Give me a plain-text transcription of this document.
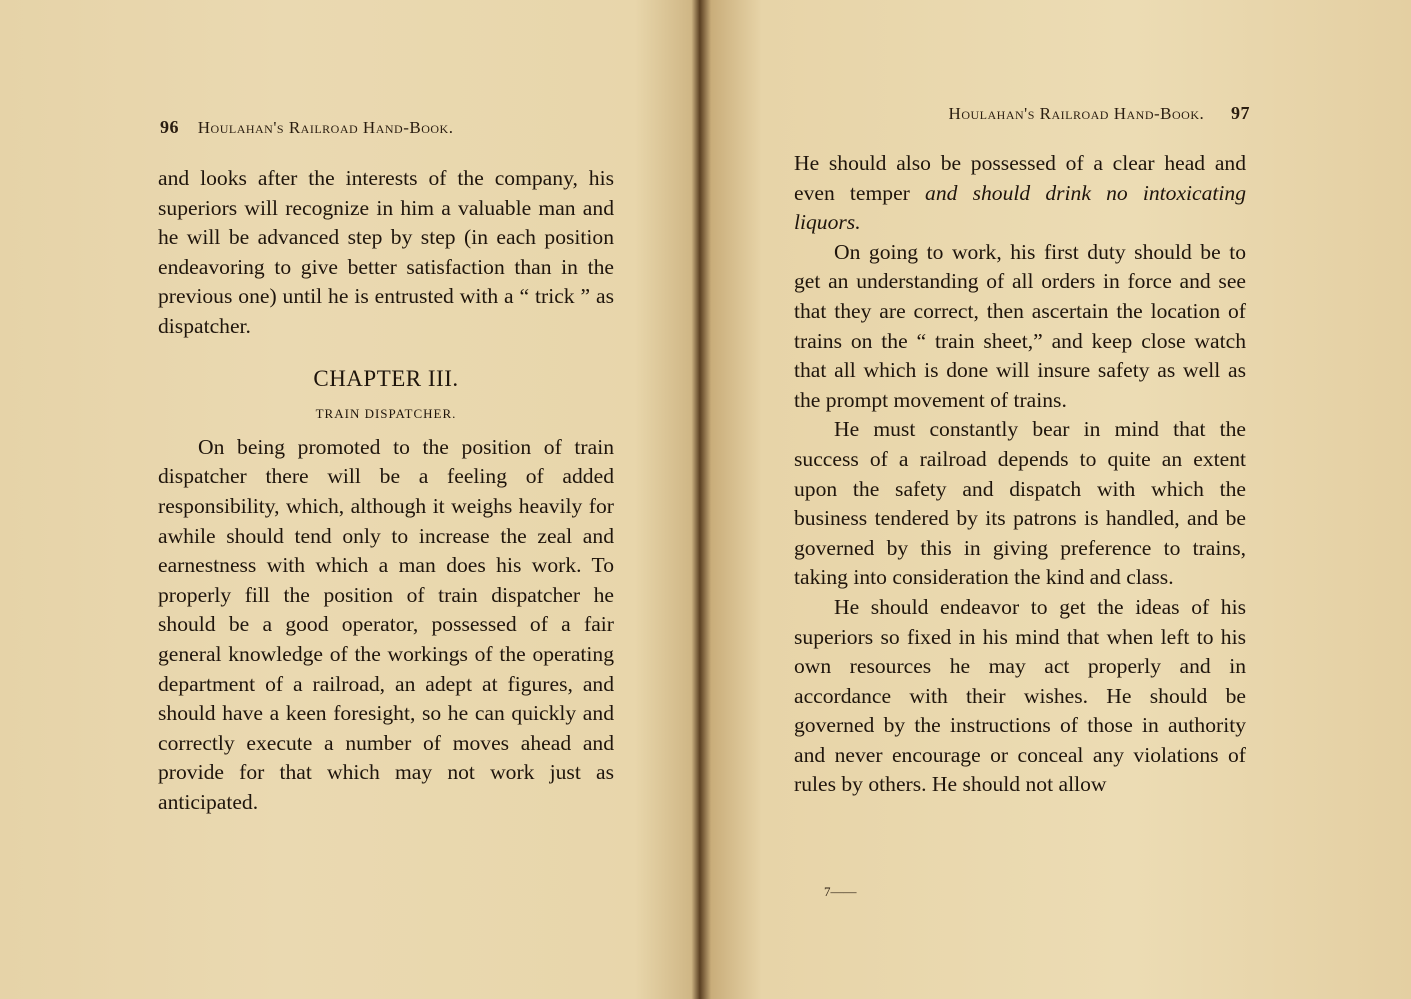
96 Houlahan's Railroad Hand-Book.

and looks after the interests of the company, his superiors will recognize in him a valuable man and he will be advanced step by step (in each position endeavoring to give better satisfaction than in the previous one) until he is entrusted with a “ trick ” as dispatcher.

CHAPTER III.
TRAIN DISPATCHER.

On being promoted to the position of train dispatcher there will be a feeling of added responsibility, which, although it weighs heavily for awhile should tend only to increase the zeal and earnestness with which a man does his work. To properly fill the position of train dispatcher he should be a good operator, possessed of a fair general knowledge of the workings of the operating department of a railroad, an adept at figures, and should have a keen foresight, so he can quickly and correctly execute a number of moves ahead and provide for that which may not work just as anticipated.

Houlahan's Railroad Hand-Book. 97

He should also be possessed of a clear head and even temper and should drink no intoxicating liquors.

On going to work, his first duty should be to get an understanding of all orders in force and see that they are correct, then ascertain the location of trains on the “ train sheet,” and keep close watch that all which is done will insure safety as well as the prompt movement of trains.

He must constantly bear in mind that the success of a railroad depends to quite an extent upon the safety and dispatch with which the business tendered by its patrons is handled, and be governed by this in giving preference to trains, taking into consideration the kind and class.

He should endeavor to get the ideas of his superiors so fixed in his mind that when left to his own resources he may act properly and in accordance with their wishes. He should be governed by the instructions of those in authority and never encourage or conceal any violations of rules by others. He should not allow

7——
